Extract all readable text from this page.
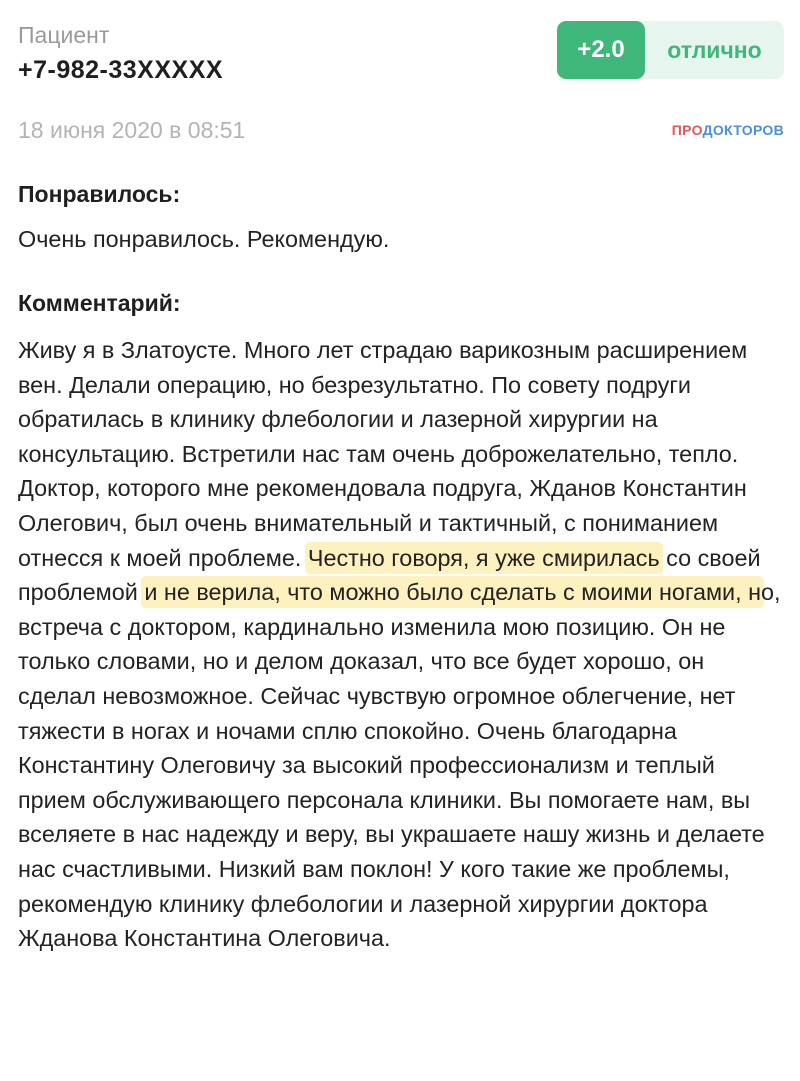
Пациент
+7-982-33XXXXX
+2.0	отлично
18 июня 2020 в 08:51	ПРОДОКТОРОВ
Понравилось:
Очень понравилось. Рекомендую.
Комментарий:
Живу я в Златоусте. Много лет страдаю варикозным расширением вен. Делали операцию, но безрезультатно. По совету подруги обратилась в клинику флебологии и лазерной хирургии на консультацию. Встретили нас там очень доброжелательно, тепло. Доктор, которого мне рекомендовала подруга, Жданов Константин Олегович, был очень внимательный и тактичный, с пониманием отнесся к моей проблеме. Честно говоря, я уже смирилась со своей проблемой и не верила, что можно было сделать с моими ногами, но, встреча с доктором, кардинально изменила мою позицию. Он не только словами, но и делом доказал, что все будет хорошо, он сделал невозможное. Сейчас чувствую огромное облегчение, нет тяжести в ногах и ночами сплю спокойно. Очень благодарна Константину Олеговичу за высокий профессионализм и теплый прием обслуживающего персонала клиники. Вы помогаете нам, вы вселяете в нас надежду и веру, вы украшаете нашу жизнь и делаете нас счастливыми. Низкий вам поклон! У кого такие же проблемы, рекомендую клинику флебологии и лазерной хирургии доктора Жданова Константина Олеговича.
